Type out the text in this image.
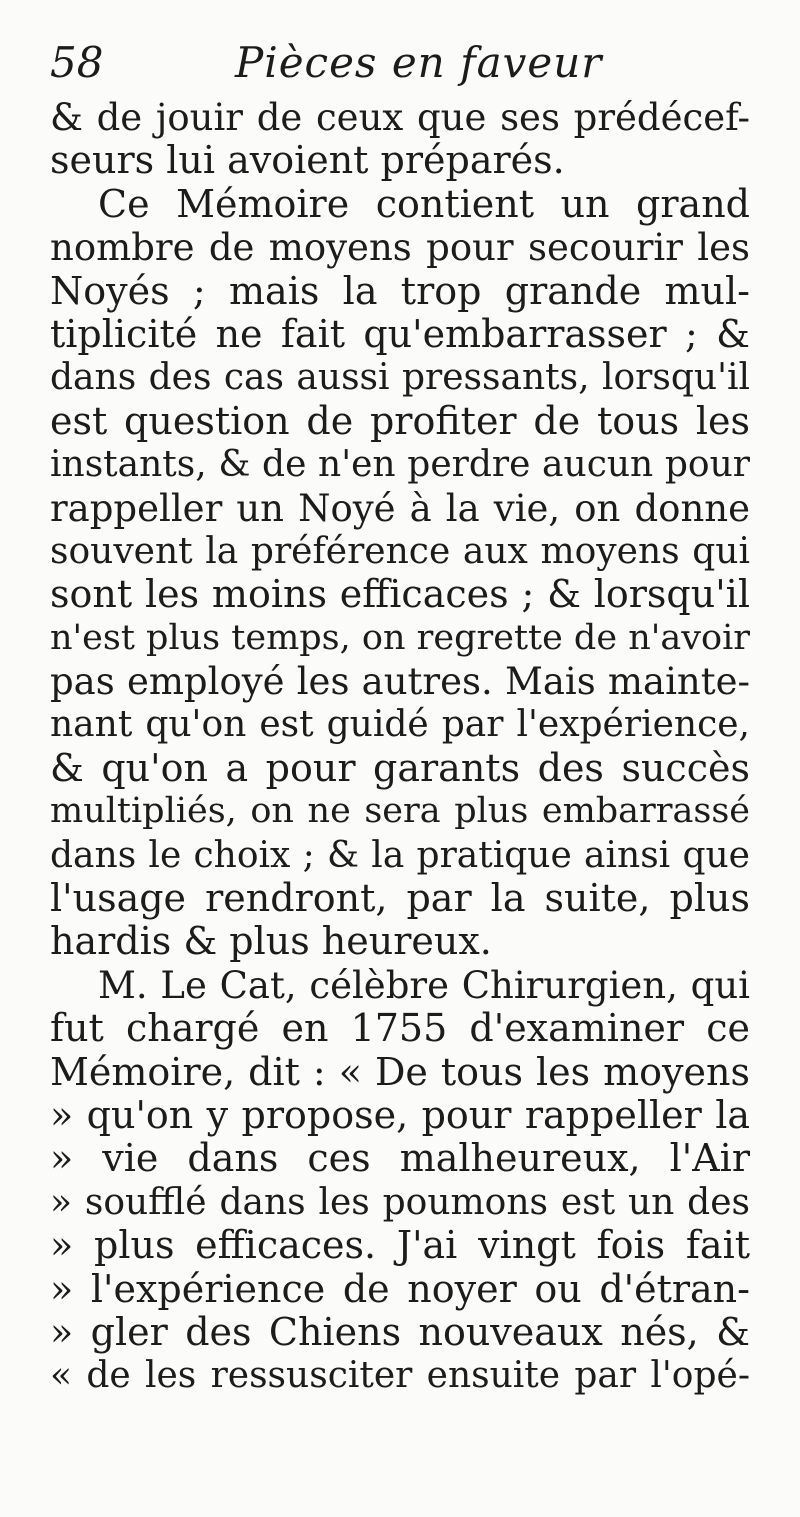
58	Pièces en faveur
& de jouir de ceux que ses prédécef-
seurs lui avoient préparés.
Ce Mémoire contient un grand
nombre de moyens pour secourir les
Noyés ; mais la trop grande mul-
tiplicité ne fait qu'embarrasser ; &
dans des cas aussi pressants, lorsqu'il
est question de profiter de tous les
instants, & de n'en perdre aucun pour
rappeller un Noyé à la vie, on donne
souvent la préférence aux moyens qui
sont les moins efficaces ; & lorsqu'il
n'est plus temps, on regrette de n'avoir
pas employé les autres. Mais mainte-
nant qu'on est guidé par l'expérience,
& qu'on a pour garants des succès
multipliés, on ne sera plus embarrassé
dans le choix ; & la pratique ainsi que
l'usage rendront, par la suite, plus
hardis & plus heureux.
M. Le Cat, célèbre Chirurgien, qui
fut chargé en 1755 d'examiner ce
Mémoire, dit : « De tous les moyens
» qu'on y propose, pour rappeller la
» vie dans ces malheureux, l'Air
» soufflé dans les poumons est un des
» plus efficaces. J'ai vingt fois fait
» l'expérience de noyer ou d'étran-
» gler des Chiens nouveaux nés, &
« de les ressusciter ensuite par l'opé-
